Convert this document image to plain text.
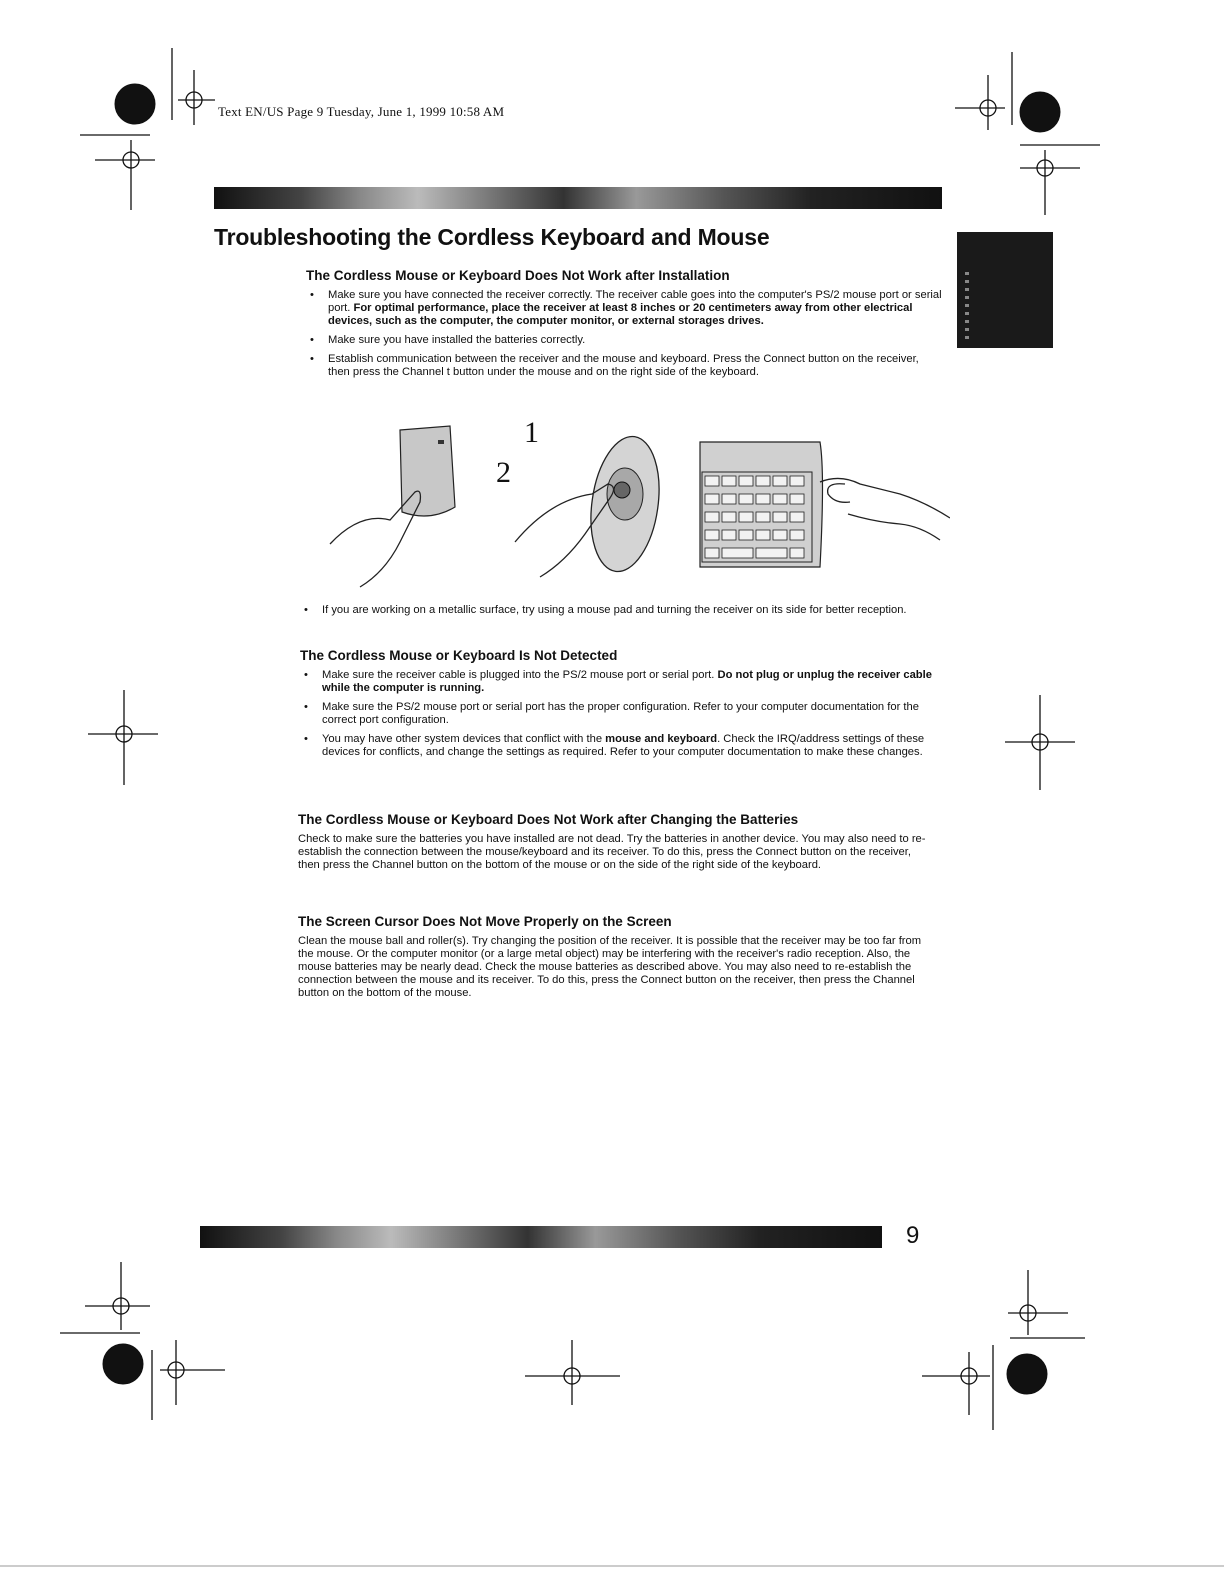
Text EN/US Page 9 Tuesday, June 1, 1999 10:58 AM
Troubleshooting the Cordless Keyboard and Mouse
The Cordless Mouse or Keyboard Does Not Work after Installation
• Make sure you have connected the receiver correctly. The receiver cable goes into the computer's PS/2 mouse port or serial port. For optimal performance, place the receiver at least 8 inches or 20 centimeters away from other electrical devices, such as the computer, the computer monitor, or external storages drives.
• Make sure you have installed the batteries correctly.
• Establish communication between the receiver and the mouse and keyboard. Press the Connect button on the receiver, then press the Channel t button under the mouse and on the right side of the keyboard.
2
1
• If you are working on a metallic surface, try using a mouse pad and turning the receiver on its side for better reception.
The Cordless Mouse or Keyboard Is Not Detected
• Make sure the receiver cable is plugged into the PS/2 mouse port or serial port. Do not plug or unplug the receiver cable while the computer is running.
• Make sure the PS/2 mouse port or serial port has the proper configuration. Refer to your computer documentation for the correct port configuration.
• You may have other system devices that conflict with the mouse and keyboard. Check the IRQ/address settings of these devices for conflicts, and change the settings as required. Refer to your computer documentation to make these changes.
The Cordless Mouse or Keyboard Does Not Work after Changing the Batteries

Check to make sure the batteries you have installed are not dead. Try the batteries in another device. You may also need to re-establish the connection between the mouse/keyboard and its receiver. To do this, press the Connect button on the receiver, then press the Channel button on the bottom of the mouse or on the side of the right side of the keyboard.

The Screen Cursor Does Not Move Properly on the Screen

Clean the mouse ball and roller(s). Try changing the position of the receiver. It is possible that the receiver may be too far from the mouse. Or the computer monitor (or a large metal object) may be interfering with the receiver's radio reception. Also, the mouse batteries may be nearly dead. Check the mouse batteries as described above. You may also need to re-establish the connection between the mouse and its receiver. To do this, press the Connect button on the receiver, then press the Channel button on the bottom of the mouse.

9
